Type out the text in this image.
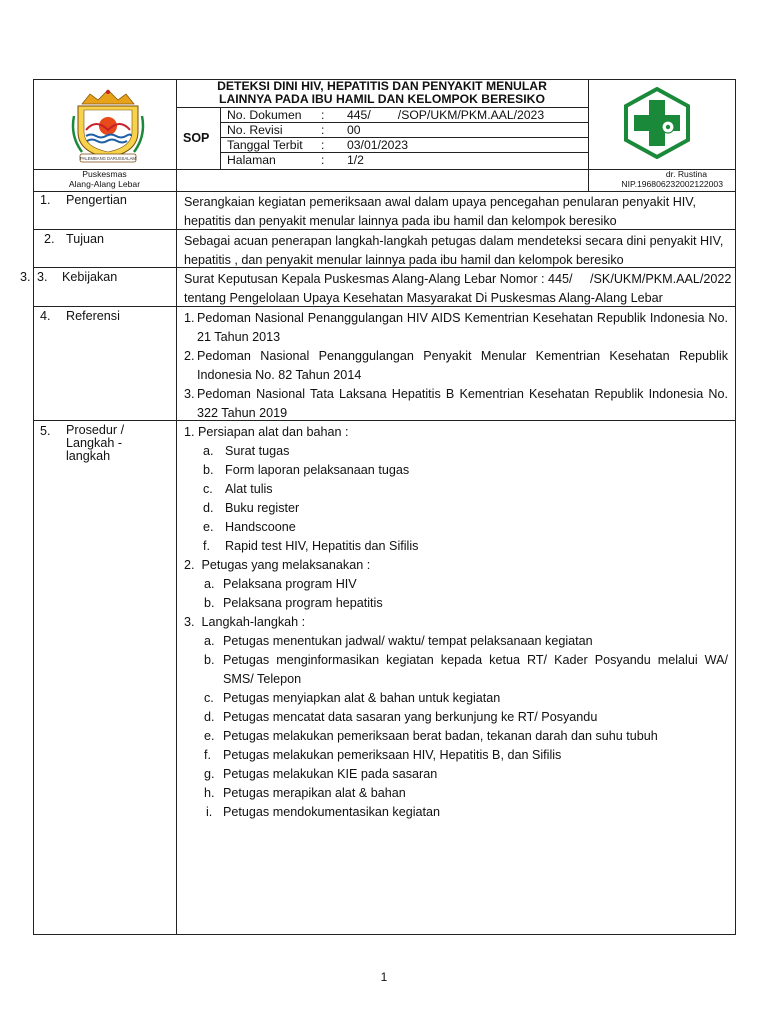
PALEMBANG DARUSSALAM
DETEKSI DINI HIV, HEPATITIS DAN PENYAKIT MENULAR
LAINNYA PADA IBU HAMIL DAN KELOMPOK BERESIKO
SOP
No. Dokumen : 445/        /SOP/UKM/PKM.AAL/2023
No. Revisi	: 00
Tanggal Terbit : 03/01/2023
Halaman	: 1/2
Puskesmas
Alang-Alang Lebar
dr. Rustina
NIP.196806232002122003
1. Pengertian	Serangkaian kegiatan pemeriksaan awal dalam upaya pencegahan penularan penyakit HIV,
hepatitis dan penyakit menular lainnya pada ibu hamil dan kelompok beresiko
2. Tujuan	Sebagai acuan penerapan langkah-langkah petugas dalam mendeteksi secara dini penyakit HIV,
hepatitis , dan penyakit menular lainnya pada ibu hamil dan kelompok beresiko
3. 3. Kebijakan	Surat Keputusan Kepala Puskesmas Alang-Alang Lebar Nomor : 445/     /SK/UKM/PKM.AAL/2022
tentang Pengelolaan Upaya Kesehatan Masyarakat Di Puskesmas Alang-Alang Lebar
4. Referensi	1. Pedoman Nasional Penanggulangan HIV AIDS Kementrian Kesehatan Republik Indonesia No.
21 Tahun 2013
2. Pedoman Nasional Penanggulangan Penyakit Menular Kementrian Kesehatan Republik
Indonesia No. 82 Tahun 2014
3. Pedoman Nasional Tata Laksana Hepatitis B Kementrian Kesehatan Republik Indonesia No.
322 Tahun 2019
5. Prosedur /
Langkah -
langkah
1. Persiapan alat dan bahan :
a. Surat tugas
b. Form laporan pelaksanaan tugas
c. Alat tulis
d. Buku register
e. Handscoone
f. Rapid test HIV, Hepatitis dan Sifilis
2.  Petugas yang melaksanakan :
a. Pelaksana program HIV
b. Pelaksana program hepatitis
3.  Langkah-langkah :
a. Petugas menentukan jadwal/ waktu/ tempat pelaksanaan kegiatan
b. Petugas menginformasikan kegiatan kepada ketua RT/ Kader Posyandu melalui WA/
SMS/ Telepon
c. Petugas menyiapkan alat & bahan untuk kegiatan
d. Petugas mencatat data sasaran yang berkunjung ke RT/ Posyandu
e. Petugas melakukan pemeriksaan berat badan, tekanan darah dan suhu tubuh
f. Petugas melakukan pemeriksaan HIV, Hepatitis B, dan Sifilis
g. Petugas melakukan KIE pada sasaran
h. Petugas merapikan alat & bahan
i. Petugas mendokumentasikan kegiatan
1
